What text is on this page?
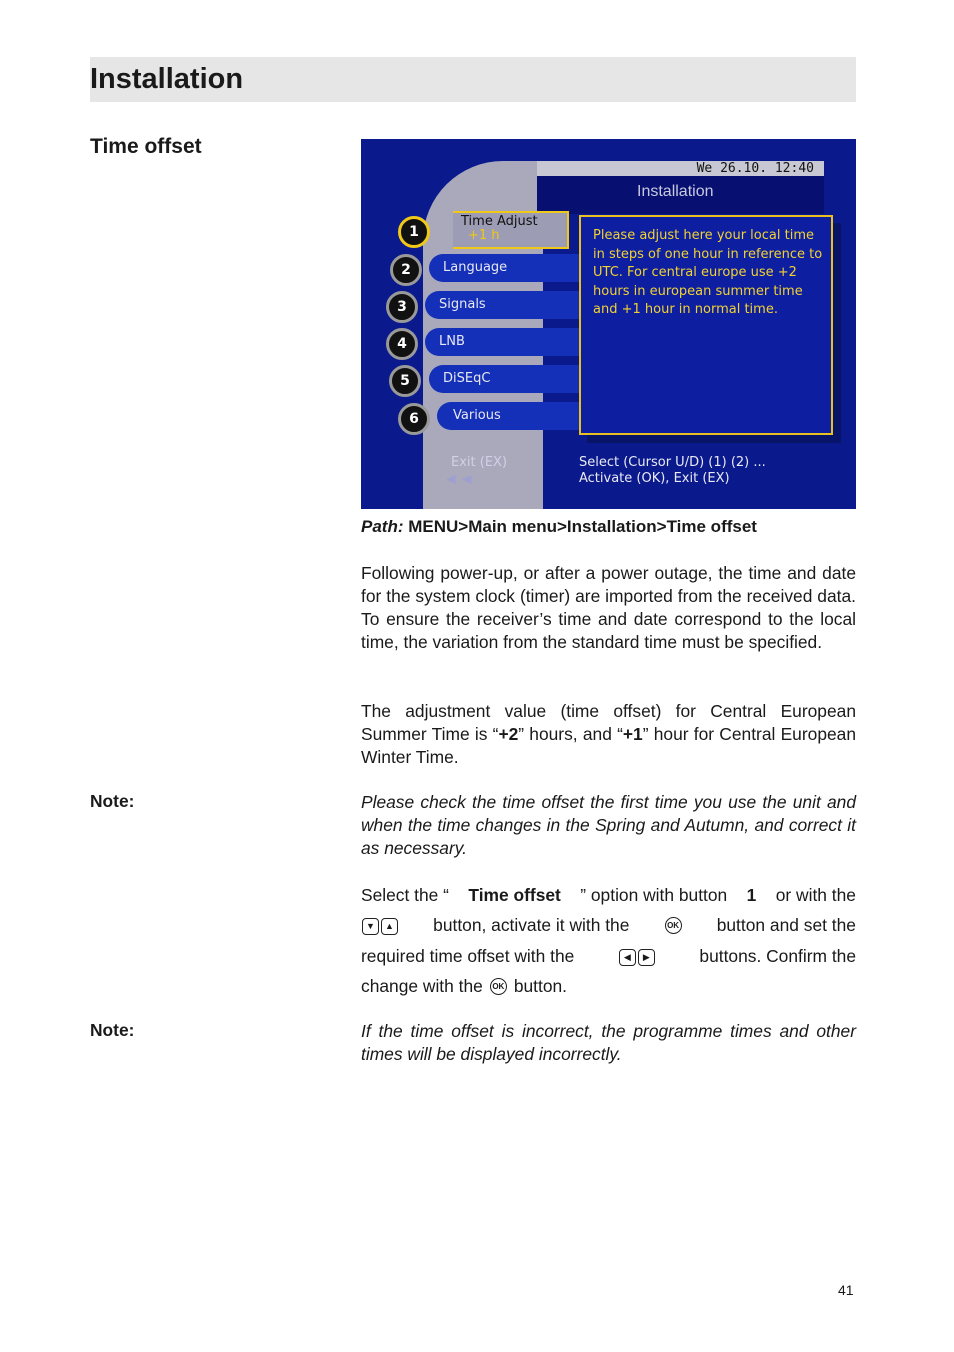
Installation
Time offset
We 26.10. 12:40
Installation
1
Time Adjust
+1 h
2	Language
3	Signals
4	LNB
5	DiSEqC
6	Various

Please adjust here your local time in steps of one hour in reference to UTC. For central europe use +2 hours in european summer time and +1 hour in normal time.

Exit (EX)
◄◄
Select (Cursor U/D) (1) (2) ...
Activate (OK), Exit (EX)
Path: MENU>Main menu>Installation>Time offset

Following power-up, or after a power outage, the time and date for the system clock (timer) are imported from the received data. To ensure the receiver’s time and date correspond to the local time, the variation from the standard time must be specified.

The adjustment value (time offset) for Central European Summer Time is “+2” hours, and “+1” hour for Central European Winter Time.

Note:	Please check the time offset the first time you use the unit and when the time changes in the Spring and Autumn, and correct it as necessary.

Select the “ Time offset ” option with button 1 or with the
▼ ▲ button, activate it with the	OK button and set the
required time offset with the	◀ ▶	buttons. Confirm the
change with the	OK button.
Note:	If the time offset is incorrect, the programme times and other times will be displayed incorrectly.

41
